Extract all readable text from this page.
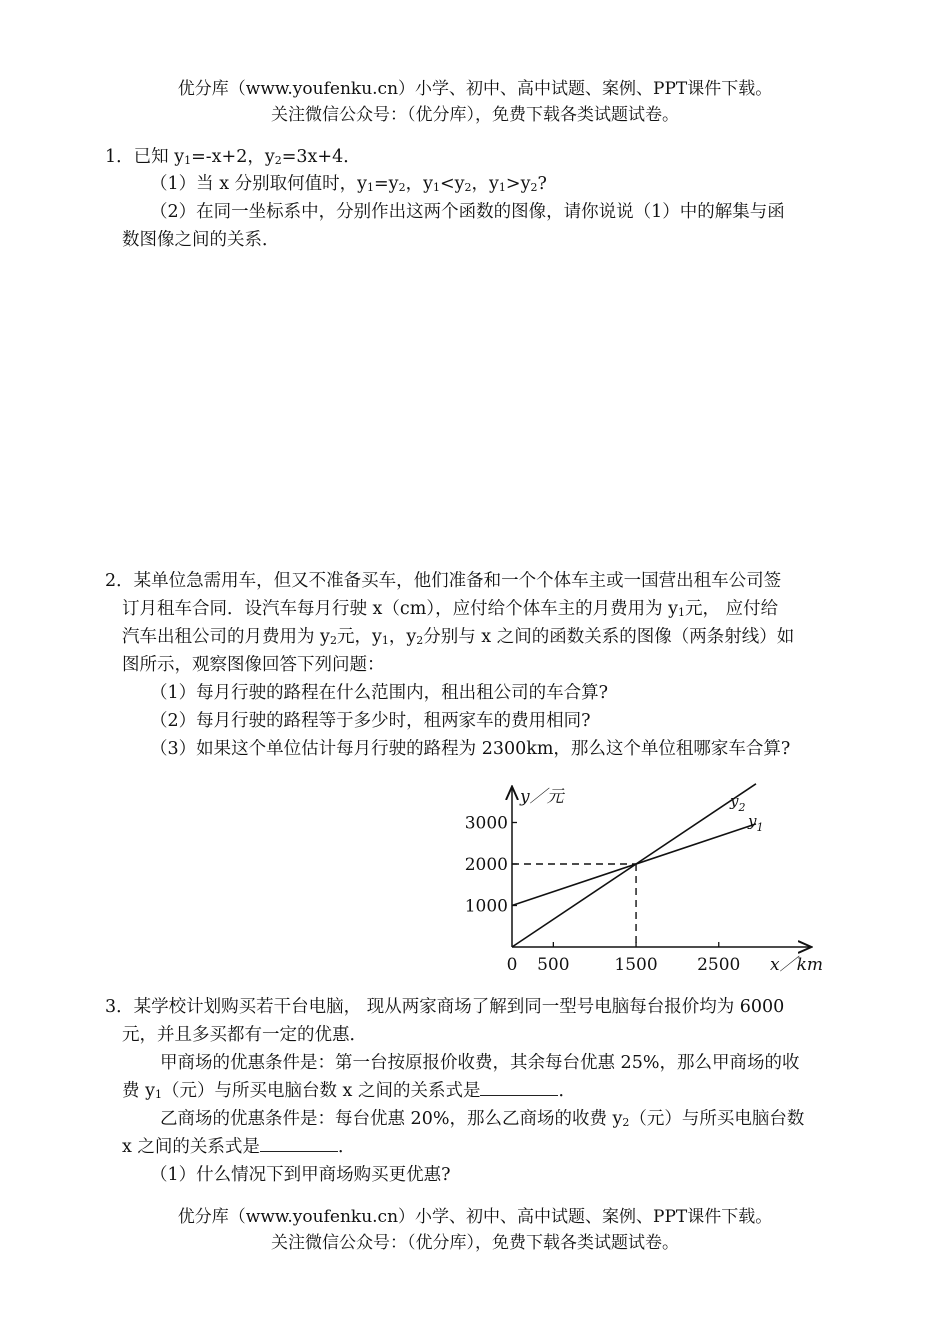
优分库（www.youfenku.cn）小学、初中、高中试题、案例、PPT课件下载。
关注微信公众号：（优分库），免费下载各类试题试卷。
1．已知 $y_1=-x+2$，$y_2=3x+4$．
（1）当 x 分别取何值时，$y_1=y_2$，$y_1<y_2$，$y_1>y_2$?
（2）在同一坐标系中，分别作出这两个函数的图像，请你说说（1）中的解集与函
数图像之间的关系．
2．某单位急需用车，但又不准备买车，他们准备和一个个体车主或一国营出租车公司签
订月租车合同．设汽车每月行驶 x（cm），应付给个体车主的月费用为 $y_1$元， 应付给
汽车出租公司的月费用为 $y_2$元，$y_1$，$y_2$分别与 x 之间的函数关系的图像（两条射线）如
图所示，观察图像回答下列问题：
（1）每月行驶的路程在什么范围内，租出租公司的车合算?
（2）每月行驶的路程等于多少时，租两家车的费用相同?
（3）如果这个单位估计每月行驶的路程为 2300km，那么这个单位租哪家车合算?
y／元
x／km
1000
2000
3000
0 500	1500 2500
$y_1$
$y_2$
3．某学校计划购买若干台电脑， 现从两家商场了解到同一型号电脑每台报价均为 6000
元，并且多买都有一定的优惠．
甲商场的优惠条件是：第一台按原报价收费，其余每台优惠 25%，那么甲商场的收
费 $y_1$（元）与所买电脑台数 x 之间的关系式是	．
乙商场的优惠条件是：每台优惠 20%，那么乙商场的收费 $y_2$（元）与所买电脑台数
x 之间的关系式是	．
（1）什么情况下到甲商场购买更优惠?
优分库（www.youfenku.cn）小学、初中、高中试题、案例、PPT课件下载。
关注微信公众号：（优分库），免费下载各类试题试卷。
